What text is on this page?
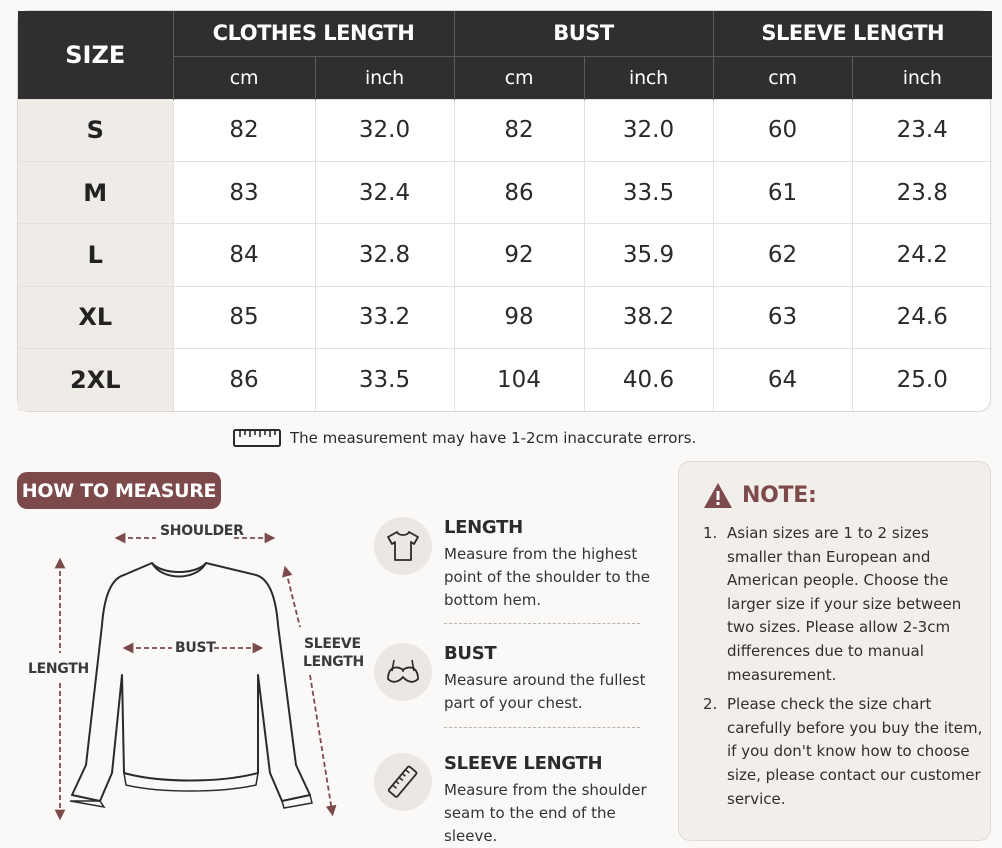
SIZE	CLOTHES LENGTH		BUST		SLEEVE LENGTH	
	cm	inch	cm	inch	cm	inch
S	82	32.0	82	32.0	60	23.4
M	83	32.4	86	33.5	61	23.8
L	84	32.8	92	35.9	62	24.2
XL	85	33.2	98	38.2	63	24.6
2XL	86	33.5	104	40.6	64	25.0
The measurement may have 1-2cm inaccurate errors.
HOW TO MEASURE
SHOULDER
BUST
LENGTH
SLEEVE
LENGTH
LENGTH
Measure from the highest point of the shoulder to the bottom hem.
BUST
Measure around the fullest part of your chest.
SLEEVE LENGTH
Measure from the shoulder seam to the end of the sleeve.
NOTE:
1. Asian sizes are 1 to 2 sizes smaller than European and American people. Choose the larger size if your size between two sizes. Please allow 2-3cm differences due to manual measurement.
2. Please check the size chart carefully before you buy the item, if you don't know how to choose size, please contact our customer service.
